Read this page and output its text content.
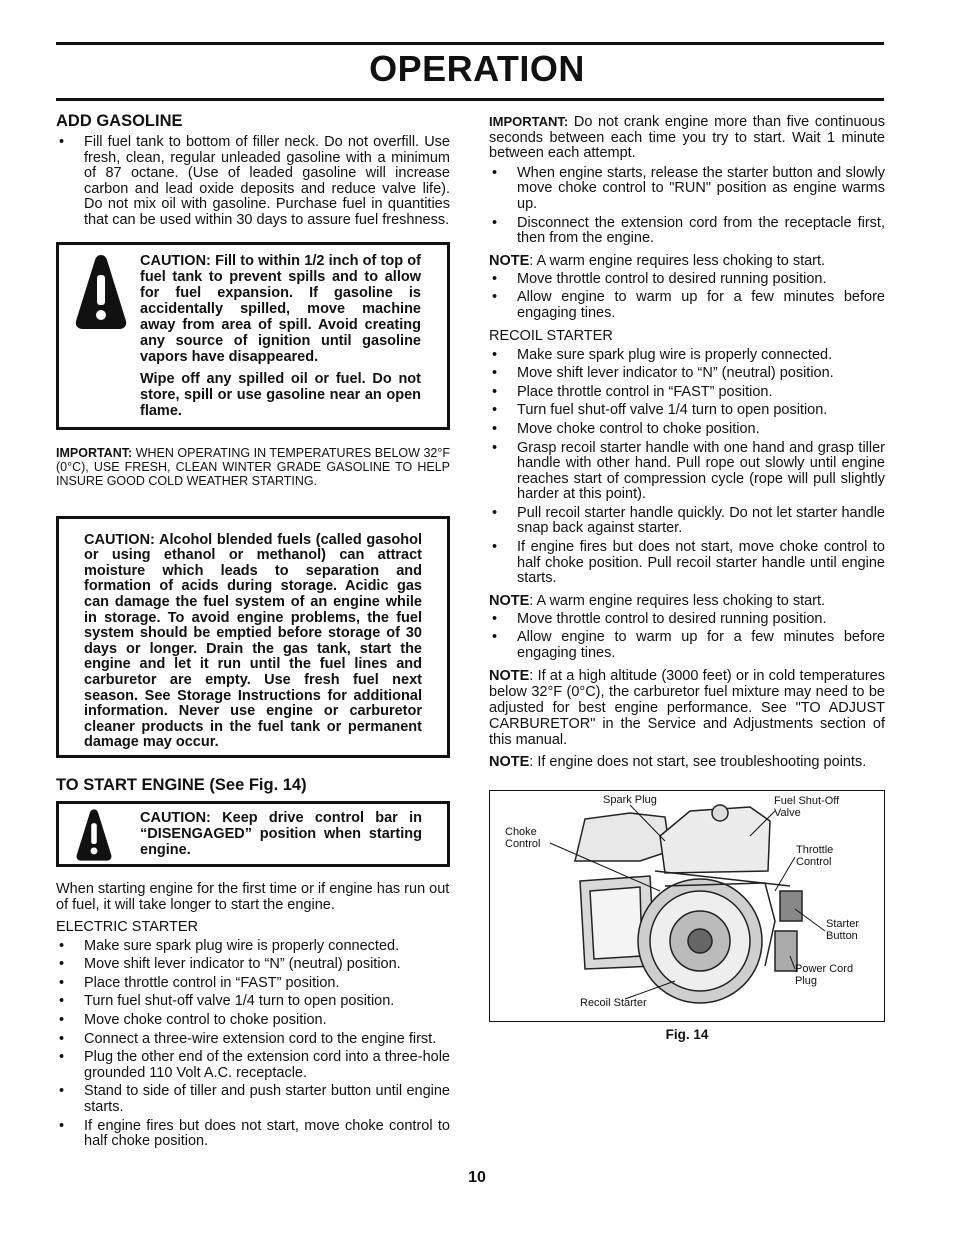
OPERATION
ADD GASOLINE
• Fill fuel tank to bottom of filler neck. Do not overfill. Use fresh, clean, regular unleaded gasoline with a minimum of 87 octane. (Use of leaded gasoline will increase carbon and lead oxide deposits and reduce valve life). Do not mix oil with gasoline. Purchase fuel in quantities that can be used within 30 days to assure fuel freshness.

CAUTION: Fill to within 1/2 inch of top of fuel tank to prevent spills and to allow for fuel expansion. If gasoline is accidentally spilled, move machine away from area of spill. Avoid creating any source of ignition until gasoline vapors have disappeared.

Wipe off any spilled oil or fuel. Do not store, spill or use gasoline near an open flame.

IMPORTANT: WHEN OPERATING IN TEMPERATURES BELOW 32°F (0°C), USE FRESH, CLEAN WINTER GRADE GASOLINE TO HELP INSURE GOOD COLD WEATHER STARTING.

CAUTION: Alcohol blended fuels (called gasohol or using ethanol or methanol) can attract moisture which leads to separation and formation of acids during storage. Acidic gas can damage the fuel system of an engine while in storage. To avoid engine problems, the fuel system should be emptied before storage of 30 days or longer. Drain the gas tank, start the engine and let it run until the fuel lines and carburetor are empty. Use fresh fuel next season. See Storage Instructions for additional information. Never use engine or carburetor cleaner products in the fuel tank or permanent damage may occur.

TO START ENGINE (See Fig. 14)

CAUTION: Keep drive control bar in “DISENGAGED” position when starting engine.

When starting engine for the first time or if engine has run out of fuel, it will take longer to start the engine.

ELECTRIC STARTER

• Make sure spark plug wire is properly connected.
• Move shift lever indicator to “N” (neutral) position.
• Place throttle control in “FAST” position.
• Turn fuel shut-off valve 1/4 turn to open position.
• Move choke control to choke position.
• Connect a three-wire extension cord to the engine first.
• Plug the other end of the extension cord into a three-hole grounded 110 Volt A.C. receptacle.
• Stand to side of tiller and push starter button until engine starts.
• If engine fires but does not start, move choke control to half choke position.

IMPORTANT: Do not crank engine more than five continuous seconds between each time you try to start. Wait 1 minute between each attempt.

• When engine starts, release the starter button and slowly move choke control to "RUN" position as engine warms up.
• Disconnect the extension cord from the receptacle first, then from the engine.

NOTE: A warm engine requires less choking to start.

• Move throttle control to desired running position.
• Allow engine to warm up for a few minutes before engaging tines.

RECOIL STARTER

• Make sure spark plug wire is properly connected.
• Move shift lever indicator to “N” (neutral) position.
• Place throttle control in “FAST” position.
• Turn fuel shut-off valve 1/4 turn to open position.
• Move choke control to choke position.
• Grasp recoil starter handle with one hand and grasp tiller handle with other hand. Pull rope out slowly until engine reaches start of compression cycle (rope will pull slightly harder at this point).
• Pull recoil starter handle quickly. Do not let starter handle snap back against starter.
• If engine fires but does not start, move choke control to half choke position. Pull recoil starter handle until engine starts.

NOTE: A warm engine requires less choking to start.

• Move throttle control to desired running position.
• Allow engine to warm up for a few minutes before engaging tines.

NOTE: If at a high altitude (3000 feet) or in cold temperatures below 32°F (0°C), the carburetor fuel mixture may need to be adjusted for best engine performance. See "TO ADJUST CARBURETOR" in the Service and Adjustments section of this manual.

NOTE: If engine does not start, see troubleshooting points.

Spark Plug	Fuel Shut-Off Valve
Choke Control	Throttle Control
Starter Button
Power Cord Plug
Recoil Starter

Fig. 14

10
